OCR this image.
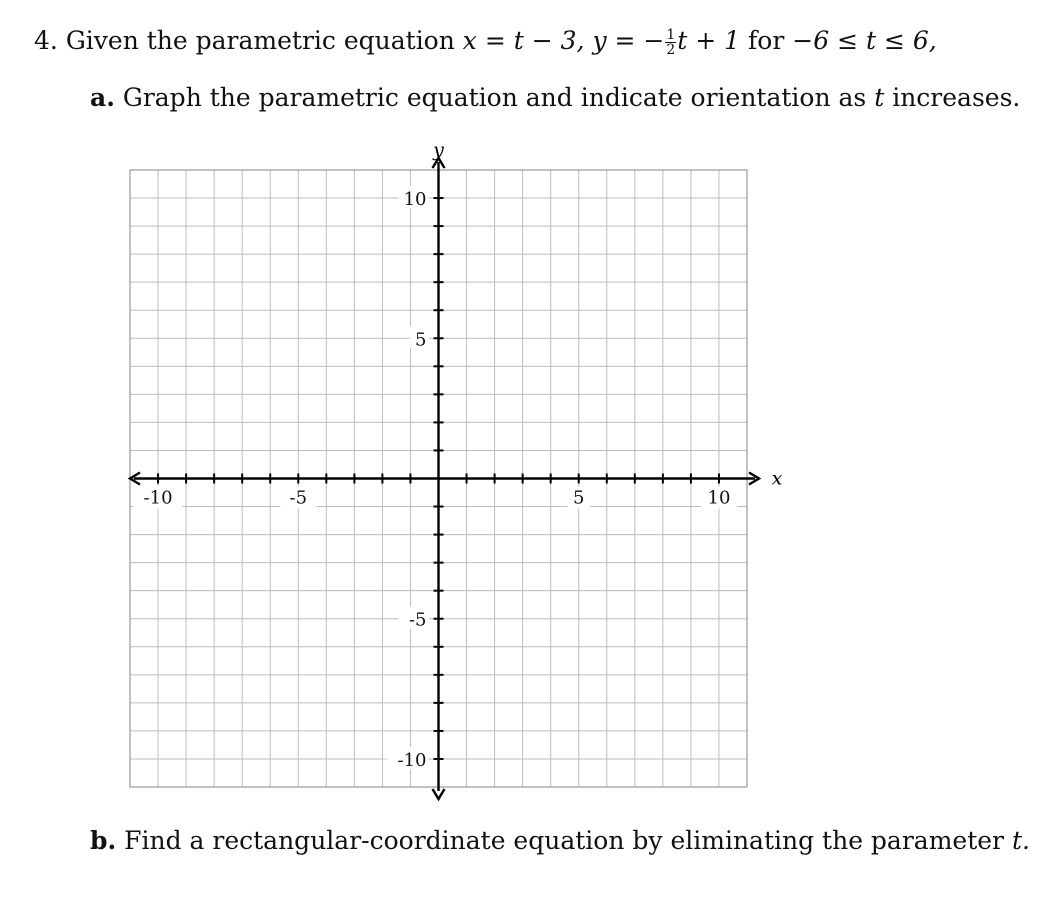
4. Given the parametric equation x = t − 3, y = − $\frac{1}{2}$ t + 1 for −6 ≤ t ≤ 6,
a. Graph the parametric equation and indicate orientation as t increases.
-10	-5	5	10
10
5
-5
-10
x
y
b. Find a rectangular-coordinate equation by eliminating the parameter t.
